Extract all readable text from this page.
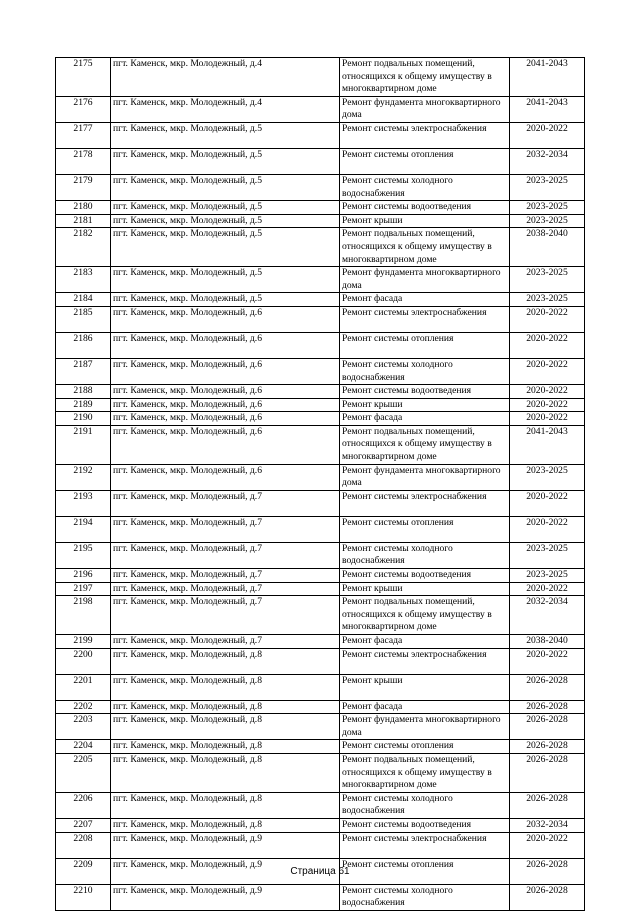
2175	пгт. Каменск, мкр. Молодежный, д.4	Ремонт подвальных помещений, относящихся к общему имуществу в многоквартирном доме	2041-2043
2176	пгт. Каменск, мкр. Молодежный, д.4	Ремонт фундамента многоквартирного дома	2041-2043
2177	пгт. Каменск, мкр. Молодежный, д.5	Ремонт системы электроснабжения	2020-2022
2178	пгт. Каменск, мкр. Молодежный, д.5	Ремонт системы отопления	2032-2034
2179	пгт. Каменск, мкр. Молодежный, д.5	Ремонт системы холодного водоснабжения	2023-2025
2180	пгт. Каменск, мкр. Молодежный, д.5	Ремонт системы водоотведения	2023-2025
2181	пгт. Каменск, мкр. Молодежный, д.5	Ремонт крыши	2023-2025
2182	пгт. Каменск, мкр. Молодежный, д.5	Ремонт подвальных помещений, относящихся к общему имуществу в многоквартирном доме	2038-2040
2183	пгт. Каменск, мкр. Молодежный, д.5	Ремонт фундамента многоквартирного дома	2023-2025
2184	пгт. Каменск, мкр. Молодежный, д.5	Ремонт фасада	2023-2025
2185	пгт. Каменск, мкр. Молодежный, д.6	Ремонт системы электроснабжения	2020-2022
2186	пгт. Каменск, мкр. Молодежный, д.6	Ремонт системы отопления	2020-2022
2187	пгт. Каменск, мкр. Молодежный, д.6	Ремонт системы холодного водоснабжения	2020-2022
2188	пгт. Каменск, мкр. Молодежный, д.6	Ремонт системы водоотведения	2020-2022
2189	пгт. Каменск, мкр. Молодежный, д.6	Ремонт крыши	2020-2022
2190	пгт. Каменск, мкр. Молодежный, д.6	Ремонт фасада	2020-2022
2191	пгт. Каменск, мкр. Молодежный, д.6	Ремонт подвальных помещений, относящихся к общему имуществу в многоквартирном доме	2041-2043
2192	пгт. Каменск, мкр. Молодежный, д.6	Ремонт фундамента многоквартирного дома	2023-2025
2193	пгт. Каменск, мкр. Молодежный, д.7	Ремонт системы электроснабжения	2020-2022
2194	пгт. Каменск, мкр. Молодежный, д.7	Ремонт системы отопления	2020-2022
2195	пгт. Каменск, мкр. Молодежный, д.7	Ремонт системы холодного водоснабжения	2023-2025
2196	пгт. Каменск, мкр. Молодежный, д.7	Ремонт системы водоотведения	2023-2025
2197	пгт. Каменск, мкр. Молодежный, д.7	Ремонт крыши	2020-2022
2198	пгт. Каменск, мкр. Молодежный, д.7	Ремонт подвальных помещений, относящихся к общему имуществу в многоквартирном доме	2032-2034
2199	пгт. Каменск, мкр. Молодежный, д.7	Ремонт фасада	2038-2040
2200	пгт. Каменск, мкр. Молодежный, д.8	Ремонт системы электроснабжения	2020-2022
2201	пгт. Каменск, мкр. Молодежный, д.8	Ремонт крыши	2026-2028
2202	пгт. Каменск, мкр. Молодежный, д.8	Ремонт фасада	2026-2028
2203	пгт. Каменск, мкр. Молодежный, д.8	Ремонт фундамента многоквартирного дома	2026-2028
2204	пгт. Каменск, мкр. Молодежный, д.8	Ремонт системы отопления	2026-2028
2205	пгт. Каменск, мкр. Молодежный, д.8	Ремонт подвальных помещений, относящихся к общему имуществу в многоквартирном доме	2026-2028
2206	пгт. Каменск, мкр. Молодежный, д.8	Ремонт системы холодного водоснабжения	2026-2028
2207	пгт. Каменск, мкр. Молодежный, д.8	Ремонт системы водоотведения	2032-2034
2208	пгт. Каменск, мкр. Молодежный, д.9	Ремонт системы электроснабжения	2020-2022
2209	пгт. Каменск, мкр. Молодежный, д.9	Ремонт системы отопления	2026-2028
2210	пгт. Каменск, мкр. Молодежный, д.9	Ремонт системы холодного водоснабжения	2026-2028
Страница 61
